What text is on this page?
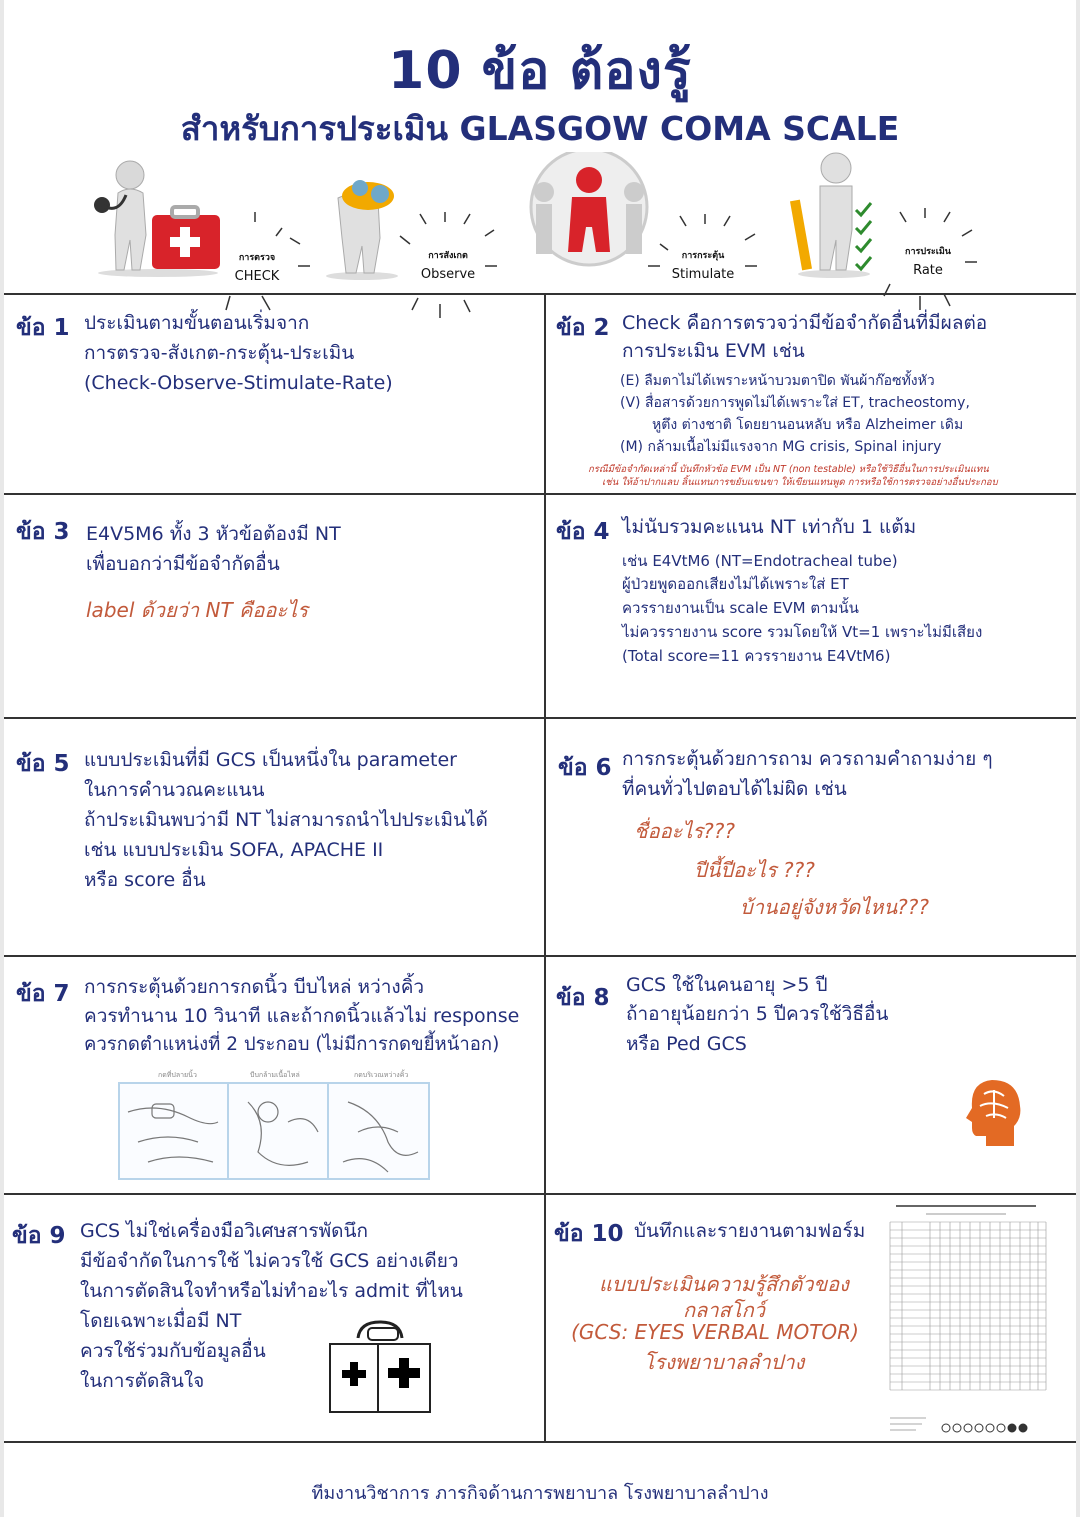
10 ข้อ ต้องรู้
สำหรับการประเมิน GLASGOW COMA SCALE
การตรวจ
CHECK
การสังเกต
Observe
การกระตุ้น
Stimulate
การประเมิน
Rate
ข้อ 1 ประเมินตามขั้นตอนเริ่มจาก
การตรวจ-สังเกต-กระตุ้น-ประเมิน
(Check-Observe-Stimulate-Rate)
ข้อ 2 Check คือการตรวจว่ามีข้อจำกัดอื่นที่มีผลต่อ
การประเมิน EVM เช่น
(E) ลืมตาไม่ได้เพราะหน้าบวมตาปิด พันผ้าก๊อซทั้งหัว
(V) สื่อสารด้วยการพูดไม่ได้เพราะใส่ ET, tracheostomy,
หูตึง ต่างชาติ โดยยานอนหลับ หรือ Alzheimer เดิม
(M) กล้ามเนื้อไม่มีแรงจาก MG crisis, Spinal injury
กรณีมีข้อจำกัดเหล่านี้ บันทึกหัวข้อ EVM เป็น NT (non testable) หรือใช้วิธีอื่นในการประเมินแทน
เช่น ให้อ้าปากแลบ ลิ้นแทนการขยับแขนขา ให้เขียนแทนพูด การหรือใช้การตรวจอย่างอื่นประกอบ
ข้อ 3 E4V5M6 ทั้ง 3 หัวข้อต้องมี NT
เพื่อบอกว่ามีข้อจำกัดอื่น
label ด้วยว่า NT คืออะไร
ข้อ 4 ไม่นับรวมคะแนน NT เท่ากับ 1 แต้ม
เช่น E4VtM6 (NT=Endotracheal tube)
ผู้ป่วยพูดออกเสียงไม่ได้เพราะใส่ ET
ควรรายงานเป็น scale EVM ตามนั้น
ไม่ควรรายงาน score รวมโดยให้ Vt=1 เพราะไม่มีเสียง
(Total score=11 ควรรายงาน E4VtM6)
ข้อ 5 แบบประเมินที่มี GCS เป็นหนึ่งใน parameter
ในการคำนวณคะแนน
ถ้าประเมินพบว่ามี NT ไม่สามารถนำไปประเมินได้
เช่น แบบประเมิน SOFA, APACHE II
หรือ score อื่น
ข้อ 6 การกระตุ้นด้วยการถาม ควรถามคำถามง่าย ๆ
ที่คนทั่วไปตอบได้ไม่ผิด เช่น
ชื่ออะไร???
ปีนี้ปีอะไร ???
บ้านอยู่จังหวัดไหน???
ข้อ 7 การกระตุ้นด้วยการกดนิ้ว บีบไหล่ หว่างคิ้ว
ควรทำนาน 10 วินาที และถ้ากดนิ้วแล้วไม่ response
ควรกดตำแหน่งที่ 2 ประกอบ (ไม่มีการกดขยี้หน้าอก)
กดที่ปลายนิ้ว	บีบกล้ามเนื้อไหล่	กดบริเวณหว่างคิ้ว
ข้อ 8 GCS ใช้ในคนอายุ >5 ปี
ถ้าอายุน้อยกว่า 5 ปีควรใช้วิธีอื่น
หรือ Ped GCS
ข้อ 9 GCS ไม่ใช่เครื่องมือวิเศษสารพัดนึก
มีข้อจำกัดในการใช้ ไม่ควรใช้ GCS อย่างเดียว
ในการตัดสินใจทำหรือไม่ทำอะไร admit ที่ไหน
โดยเฉพาะเมื่อมี NT
ควรใช้ร่วมกับข้อมูลอื่น
ในการตัดสินใจ
ข้อ 10 บันทึกและรายงานตามฟอร์ม
แบบประเมินความรู้สึกตัวของ
กลาสโกว์
(GCS: EYES VERBAL MOTOR)
โรงพยาบาลลำปาง
ทีมงานวิชาการ ภารกิจด้านการพยาบาล โรงพยาบาลลำปาง
